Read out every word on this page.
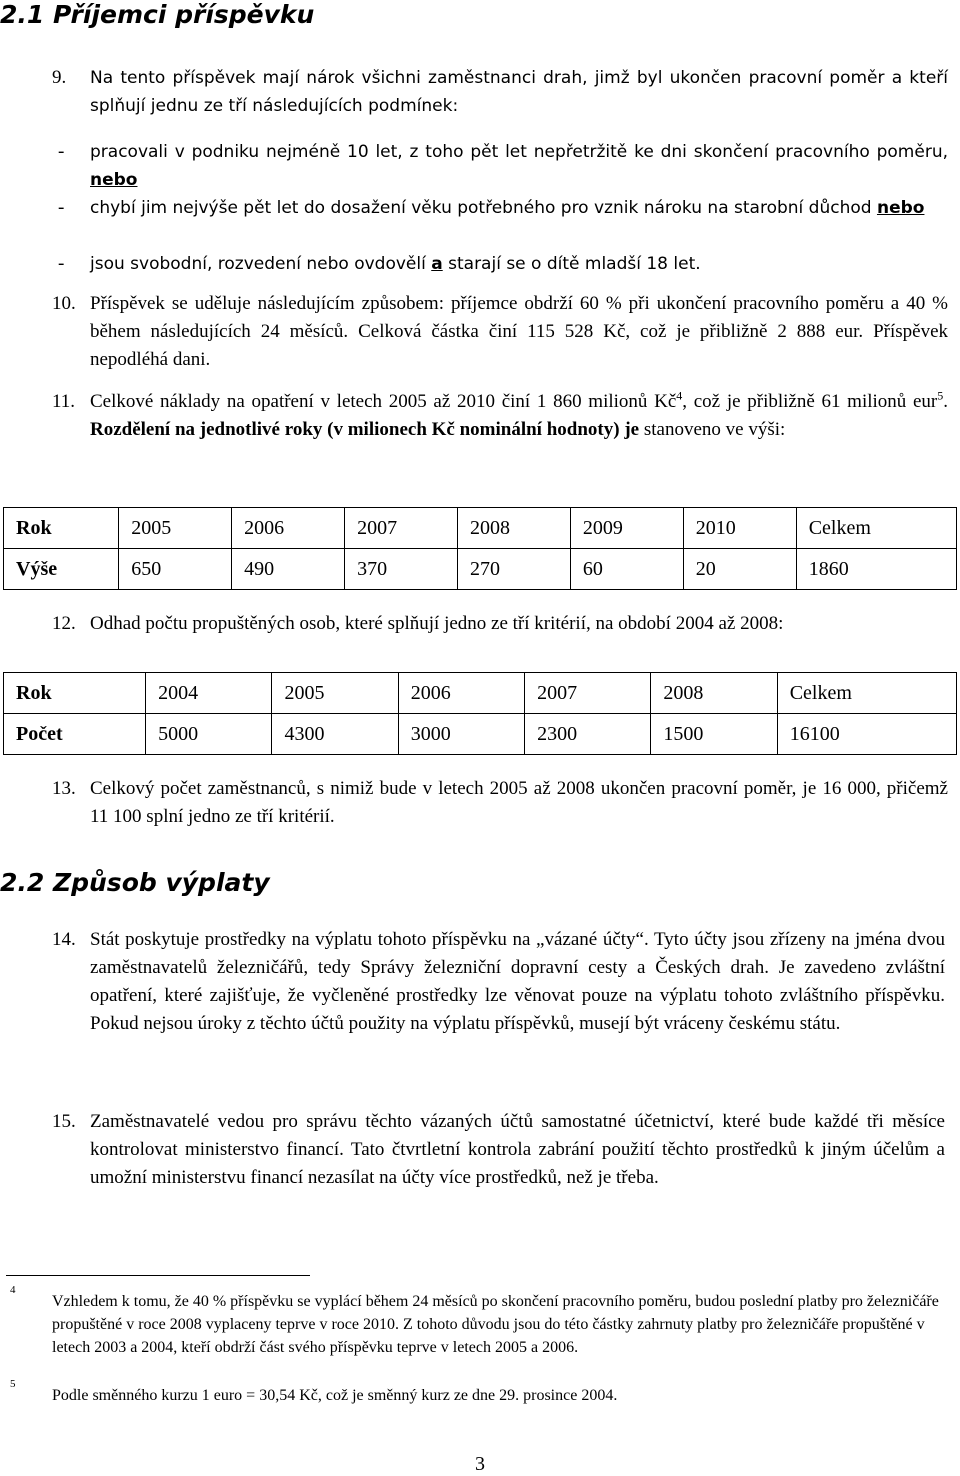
2.1 Příjemci příspěvku
9. Na tento příspěvek mají nárok všichni zaměstnanci drah, jimž byl ukončen pracovní poměr a kteří splňují jednu ze tří následujících podmínek:
- pracovali v podniku nejméně 10 let, z toho pět let nepřetržitě ke dni skončení pracovního poměru, nebo
- chybí jim nejvýše pět let do dosažení věku potřebného pro vznik nároku na starobní důchod nebo
- jsou svobodní, rozvedení nebo ovdovělí a starají se o dítě mladší 18 let.
10. Příspěvek se uděluje následujícím způsobem: příjemce obdrží 60 % při ukončení pracovního poměru a 40 % během následujících 24 měsíců. Celková částka činí 115 528 Kč, což je přibližně 2 888 eur. Příspěvek nepodléhá dani.
11. Celkové náklady na opatření v letech 2005 až 2010 činí 1 860 milionů $Kč^4$, což je přibližně 61 milionů eur$^5$. Rozdělení na jednotlivé roky (v milionech Kč nominální hodnoty) je stanoveno ve výši:
Rok	2005	2006	2007	2008	2009	2010	Celkem
Výše	650	490	370	270	60	20	1860
12. Odhad počtu propuštěných osob, které splňují jedno ze tří kritérií, na období 2004 až 2008:
Rok	2004	2005	2006	2007	2008	Celkem
Počet	5000	4300	3000	2300	1500	16100
13. Celkový počet zaměstnanců, s nimiž bude v letech 2005 až 2008 ukončen pracovní poměr, je 16 000, přičemž 11 100 splní jedno ze tří kritérií.
2.2 Způsob výplaty
14. Stát poskytuje prostředky na výplatu tohoto příspěvku na „vázané účty“. Tyto účty jsou zřízeny na jména dvou zaměstnavatelů železničářů, tedy Správy železniční dopravní cesty a Českých drah. Je zavedeno zvláštní opatření, které zajišťuje, že vyčleněné prostředky lze věnovat pouze na výplatu tohoto zvláštního příspěvku. Pokud nejsou úroky z těchto účtů použity na výplatu příspěvků, musejí být vráceny českému státu.
15. Zaměstnavatelé vedou pro správu těchto vázaných účtů samostatné účetnictví, které bude každé tři měsíce kontrolovat ministerstvo financí. Tato čtvrtletní kontrola zabrání použití těchto prostředků k jiným účelům a umožní ministerstvu financí nezasílat na účty více prostředků, než je třeba.
4
Vzhledem k tomu, že 40 % příspěvku se vyplácí během 24 měsíců po skončení pracovního poměru, budou poslední platby pro železničáře propuštěné v roce 2008 vyplaceny teprve v roce 2010. Z tohoto důvodu jsou do této částky zahrnuty platby pro železničáře propuštěné v letech 2003 a 2004, kteří obdrží část svého příspěvku teprve v letech 2005 a 2006.
5
Podle směnného kurzu 1 euro = 30,54 Kč, což je směnný kurz ze dne 29. prosince 2004.
3
